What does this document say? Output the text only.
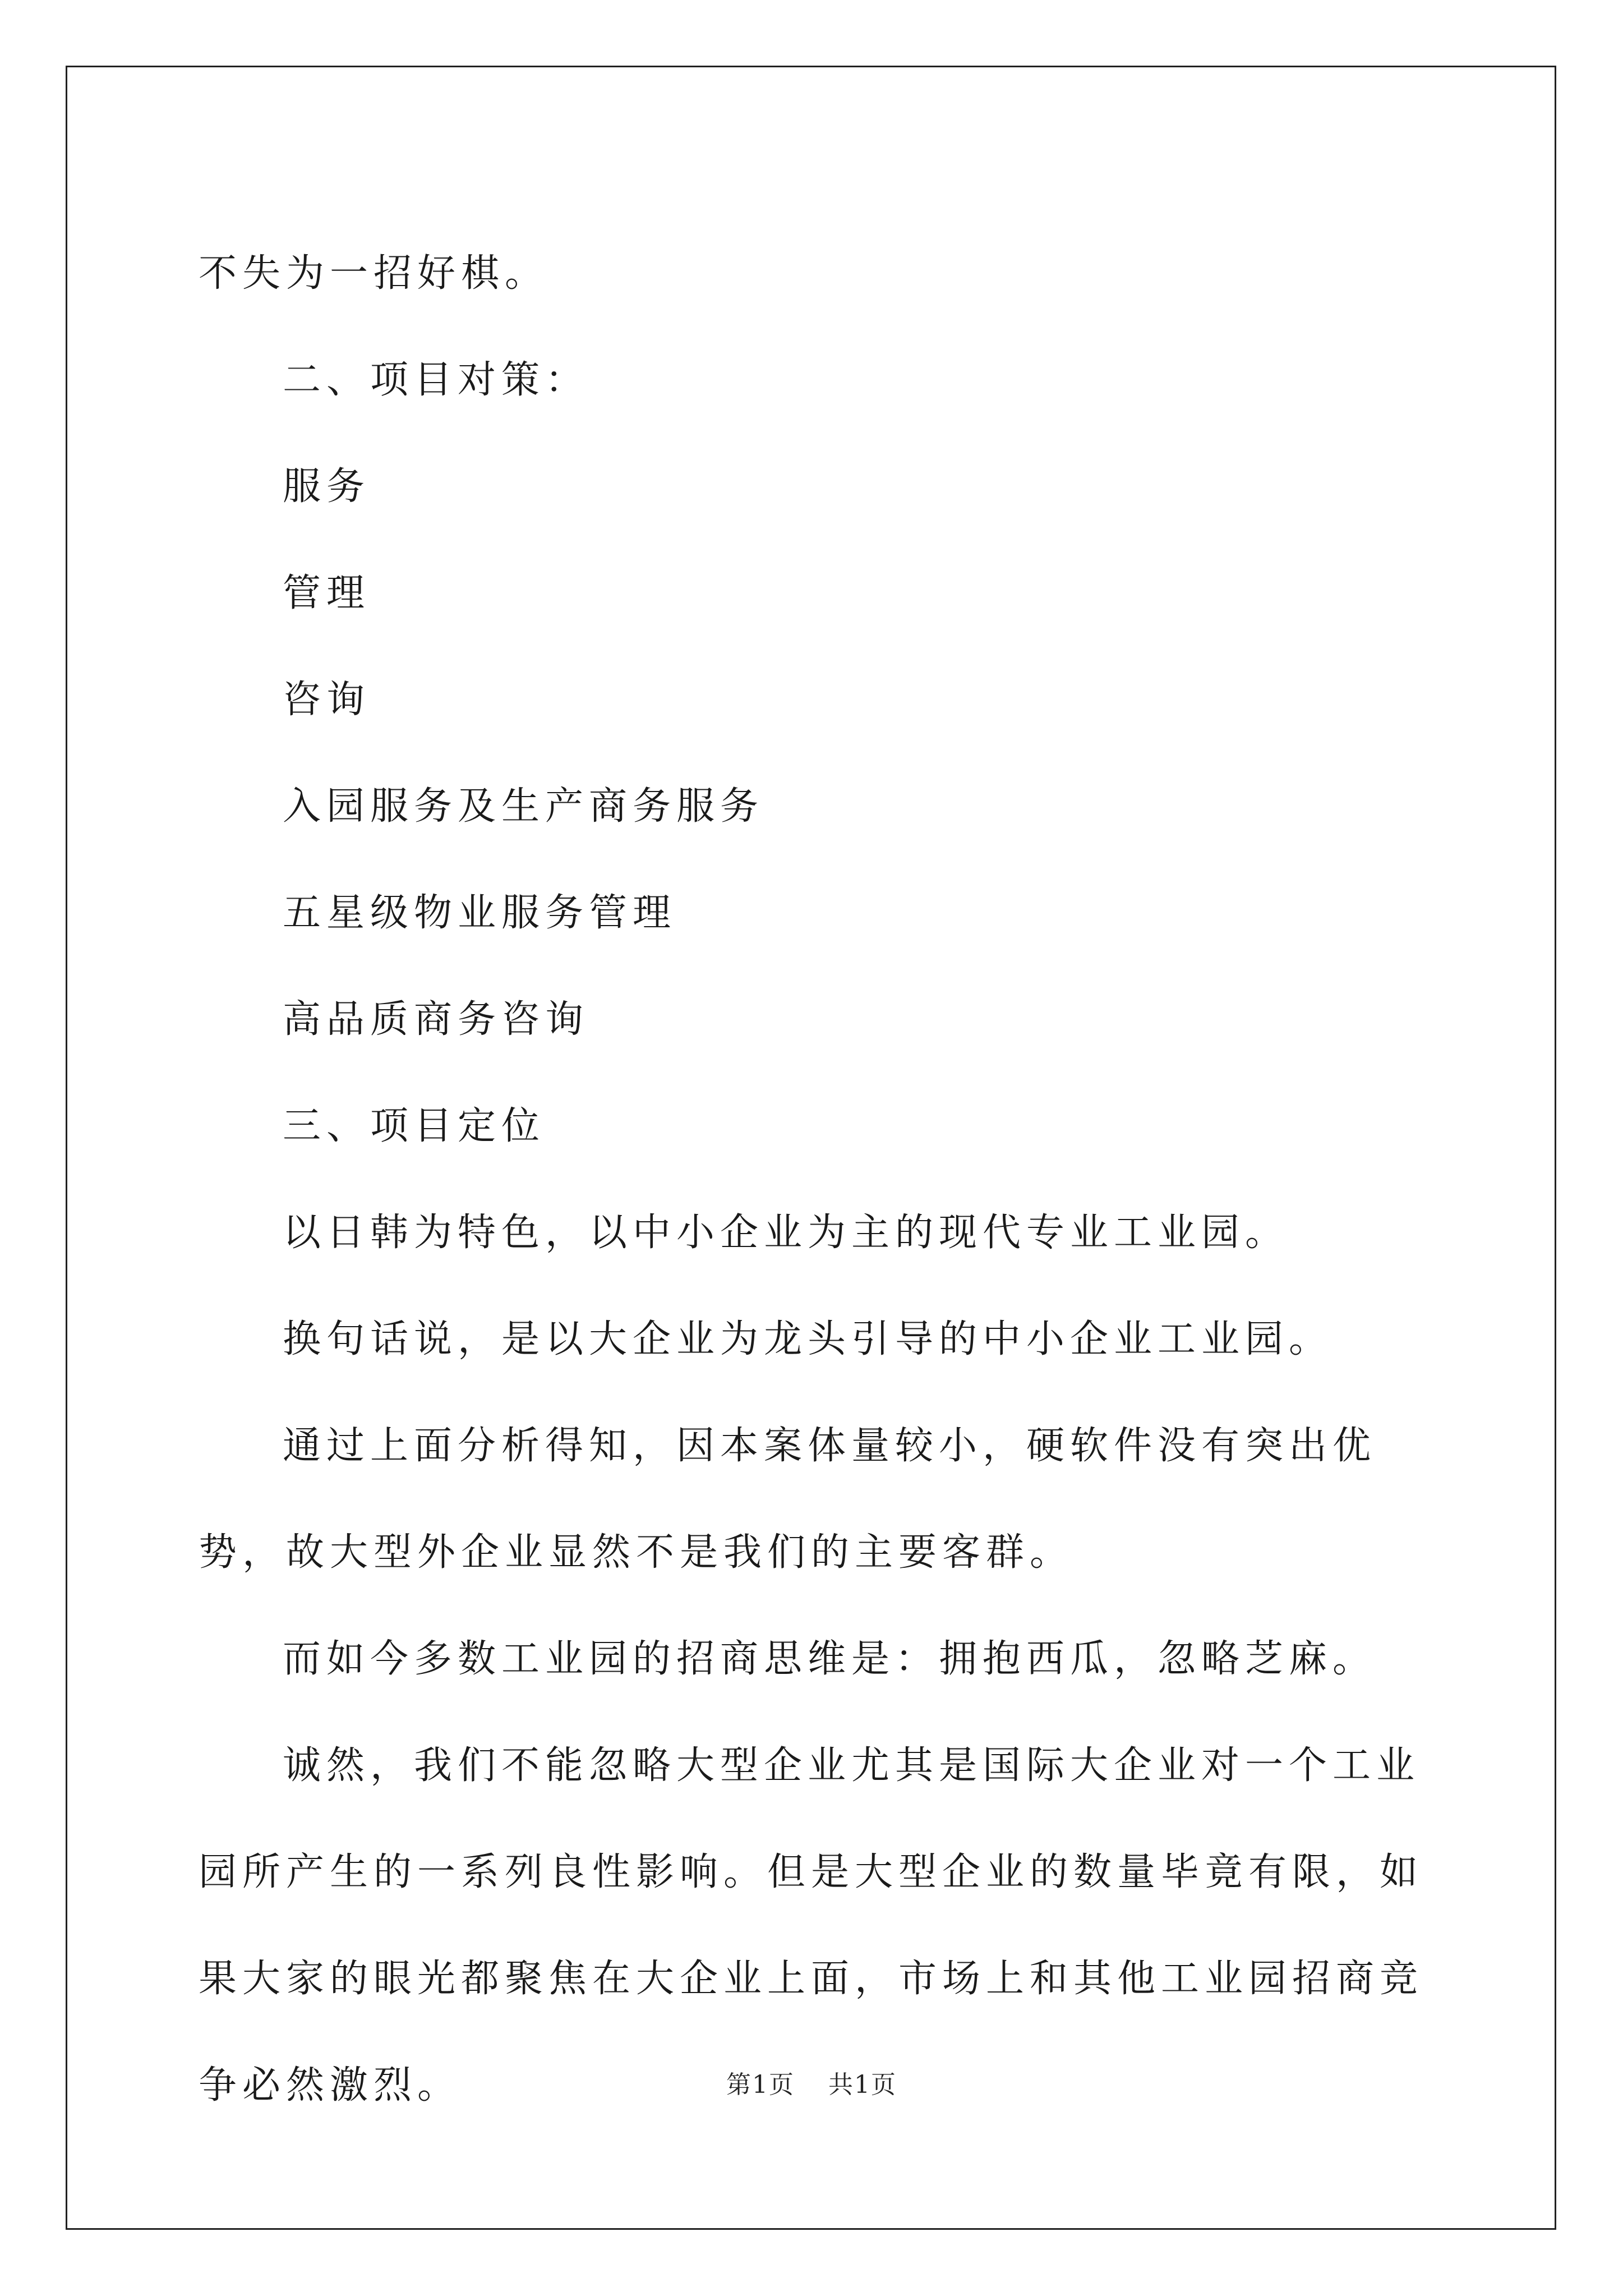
不失为一招好棋。

二、项目对策：

服务

管理

咨询

入园服务及生产商务服务

五星级物业服务管理

高品质商务咨询

三、项目定位

以日韩为特色，以中小企业为主的现代专业工业园。

换句话说，是以大企业为龙头引导的中小企业工业园。

通过上面分析得知，因本案体量较小，硬软件没有突出优势，故大型外企业显然不是我们的主要客群。

而如今多数工业园的招商思维是：拥抱西瓜，忽略芝麻。

诚然，我们不能忽略大型企业尤其是国际大企业对一个工业园所产生的一系列良性影响。但是大型企业的数量毕竟有限，如果大家的眼光都聚焦在大企业上面，市场上和其他工业园招商竞争必然激烈。	第1页 共1页
